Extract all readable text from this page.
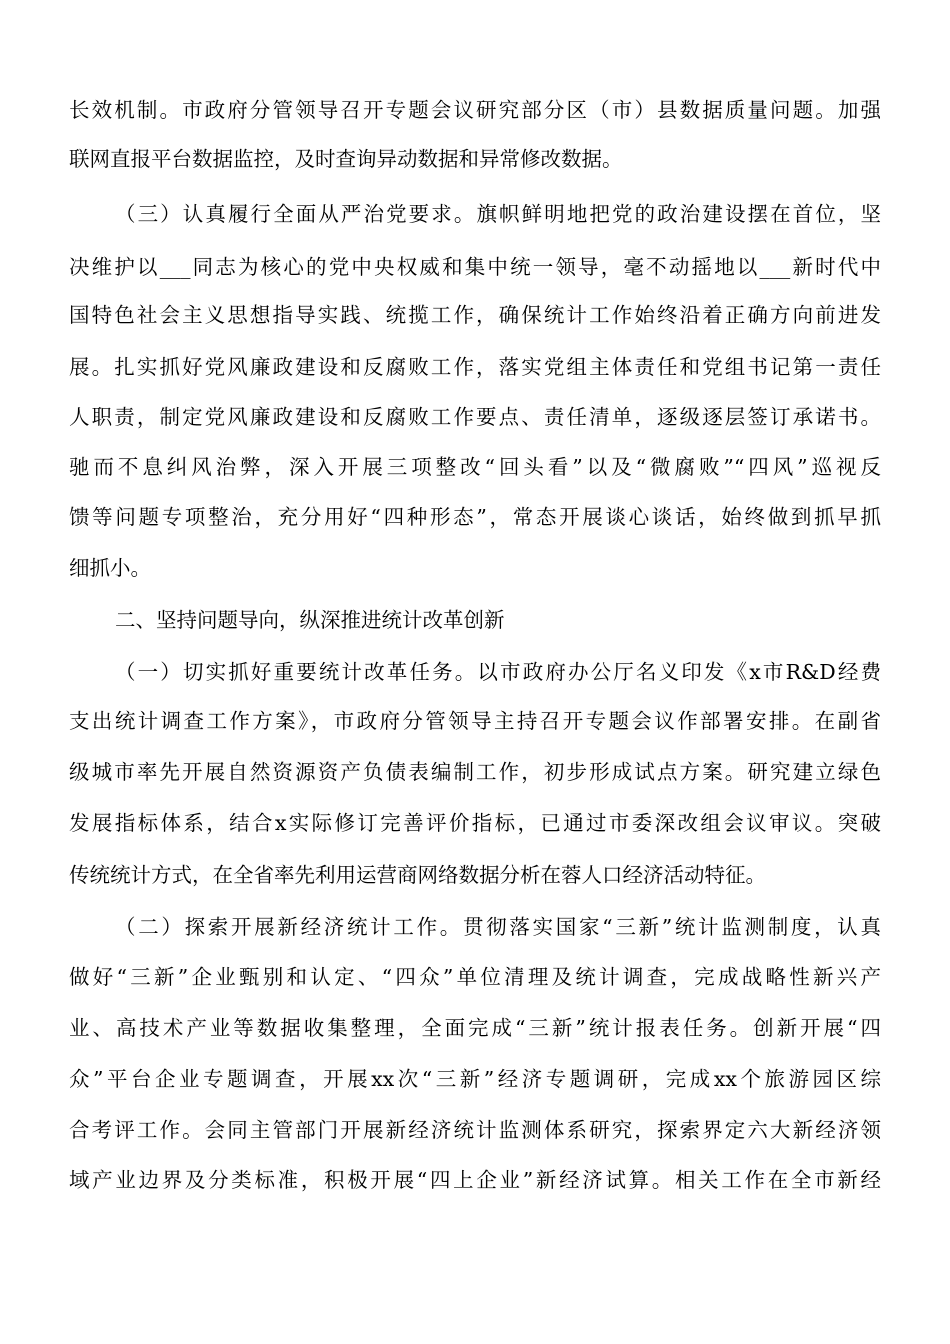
长效机制。市政府分管领导召开专题会议研究部分区（市）县数据质量问题。加强
联网直报平台数据监控，及时查询异动数据和异常修改数据。
（三）认真履行全面从严治党要求。旗帜鲜明地把党的政治建设摆在首位，坚
决维护以___同志为核心的党中央权威和集中统一领导，毫不动摇地以___新时代中
国特色社会主义思想指导实践、统揽工作，确保统计工作始终沿着正确方向前进发
展。扎实抓好党风廉政建设和反腐败工作，落实党组主体责任和党组书记第一责任
人职责，制定党风廉政建设和反腐败工作要点、责任清单，逐级逐层签订承诺书。
驰而不息纠风治弊，深入开展三项整改“回头看”以及“微腐败”“四风”巡视反
馈等问题专项整治，充分用好“四种形态”，常态开展谈心谈话，始终做到抓早抓
细抓小。
二、坚持问题导向，纵深推进统计改革创新
（一）切实抓好重要统计改革任务。以市政府办公厅名义印发《x市R&D经费
支出统计调查工作方案》，市政府分管领导主持召开专题会议作部署安排。在副省
级城市率先开展自然资源资产负债表编制工作，初步形成试点方案。研究建立绿色
发展指标体系，结合x实际修订完善评价指标，已通过市委深改组会议审议。突破
传统统计方式，在全省率先利用运营商网络数据分析在蓉人口经济活动特征。
（二）探索开展新经济统计工作。贯彻落实国家“三新”统计监测制度，认真
做好“三新”企业甄别和认定、“四众”单位清理及统计调查，完成战略性新兴产
业、高技术产业等数据收集整理，全面完成“三新”统计报表任务。创新开展“四
众”平台企业专题调查，开展xx次“三新”经济专题调研，完成xx个旅游园区综
合考评工作。会同主管部门开展新经济统计监测体系研究，探索界定六大新经济领
域产业边界及分类标准，积极开展“四上企业”新经济试算。相关工作在全市新经
